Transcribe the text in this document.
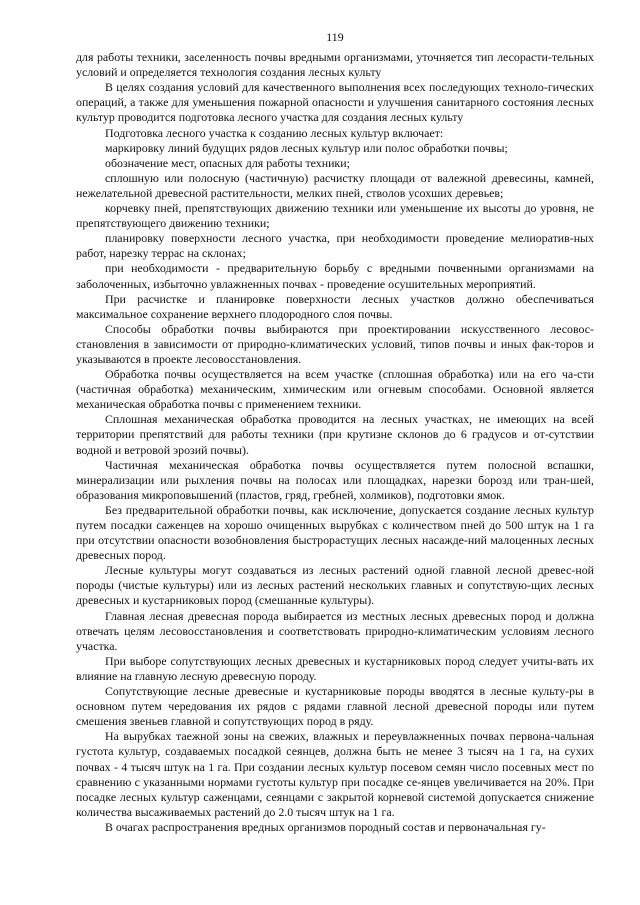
119

для работы техники, заселенность почвы вредными организмами, уточняется тип лесорасти-тельных условий и определяется технология создания лесных культу

В целях создания условий для качественного выполнения всех последующих техноло-гических операций, а также для уменьшения пожарной опасности и улучшения санитарного состояния лесных культур проводится подготовка лесного участка для создания лесных культу

Подготовка лесного участка к созданию лесных культур включает:

маркировку линий будущих рядов лесных культур или полос обработки почвы;

обозначение мест, опасных для работы техники;

сплошную или полосную (частичную) расчистку площади от валежной древесины, камней, нежелательной древесной растительности, мелких пней, стволов усохших деревьев;

корчевку пней, препятствующих движению техники или уменьшение их высоты до уровня, не препятствующего движению техники;

планировку поверхности лесного участка, при необходимости проведение мелиоратив-ных работ, нарезку террас на склонах;

при необходимости - предварительную борьбу с вредными почвенными организмами на заболоченных, избыточно увлажненных почвах - проведение осушительных мероприятий.

При расчистке и планировке поверхности лесных участков должно обеспечиваться максимальное сохранение верхнего плодородного слоя почвы.

Способы обработки почвы выбираются при проектировании искусственного лесовос-становления в зависимости от природно-климатических условий, типов почвы и иных фак-торов и указываются в проекте лесовосстановления.

Обработка почвы осуществляется на всем участке (сплошная обработка) или на его ча-сти (частичная обработка) механическим, химическим или огневым способами. Основной является механическая обработка почвы с применением техники.

Сплошная механическая обработка проводится на лесных участках, не имеющих на всей территории препятствий для работы техники (при крутизне склонов до 6 градусов и от-сутствии водной и ветровой эрозий почвы).

Частичная механическая обработка почвы осуществляется путем полосной вспашки, минерализации или рыхления почвы на полосах или площадках, нарезки борозд или тран-шей, образования микроповышений (пластов, гряд, гребней, холмиков), подготовки ямок.

Без предварительной обработки почвы, как исключение, допускается создание лесных культур путем посадки саженцев на хорошо очищенных вырубках с количеством пней до 500 штук на 1 га при отсутствии опасности возобновления быстрорастущих лесных насажде-ний малоценных лесных древесных пород.

Лесные культуры могут создаваться из лесных растений одной главной лесной древес-ной породы (чистые культуры) или из лесных растений нескольких главных и сопутствую-щих лесных древесных и кустарниковых пород (смешанные культуры).

Главная лесная древесная порода выбирается из местных лесных древесных пород и должна отвечать целям лесовосстановления и соответствовать природно-климатическим условиям лесного участка.

При выборе сопутствующих лесных древесных и кустарниковых пород следует учиты-вать их влияние на главную лесную древесную породу.

Сопутствующие лесные древесные и кустарниковые породы вводятся в лесные культу-ры в основном путем чередования их рядов с рядами главной лесной древесной породы или путем смешения звеньев главной и сопутствующих пород в ряду.

На вырубках таежной зоны на свежих, влажных и переувлажненных почвах первона-чальная густота культур, создаваемых посадкой сеянцев, должна быть не менее 3 тысяч на 1 га, на сухих почвах - 4 тысяч штук на 1 га. При создании лесных культур посевом семян число посевных мест по сравнению с указанными нормами густоты культур при посадке се-янцев увеличивается на 20%. При посадке лесных культур саженцами, сеянцами с закрытой корневой системой допускается снижение количества высаживаемых растений до 2.0 тысяч штук на 1 га.

В очагах распространения вредных организмов породный состав и первоначальная гу-
